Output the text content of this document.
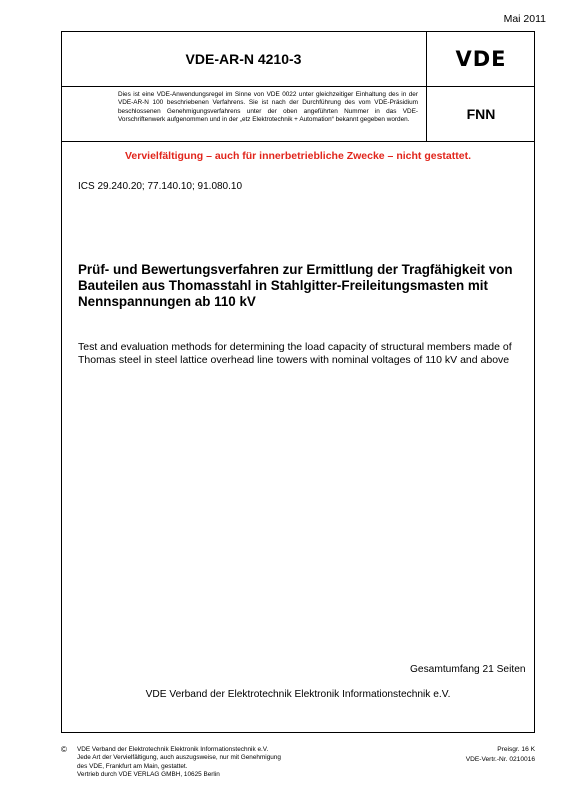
Mai 2011
VDE-AR-N 4210-3
Dies ist eine VDE-Anwendungsregel im Sinne von VDE 0022 unter gleichzeitiger Einhaltung des in der VDE-AR-N 100 beschriebenen Verfahrens. Sie ist nach der Durchführung des vom VDE-Präsidium beschlossenen Genehmigungsverfahrens unter der oben angeführten Nummer in das VDE-Vorschriftenwerk aufgenommen und in der „etz Elektrotechnik + Automation“ bekannt gegeben worden.
VDE
FNN
Vervielfältigung – auch für innerbetriebliche Zwecke – nicht gestattet.
ICS 29.240.20; 77.140.10; 91.080.10
Prüf- und Bewertungsverfahren zur Ermittlung der Tragfähigkeit von Bauteilen aus Thomasstahl in Stahlgitter-Freileitungsmasten mit Nennspannungen ab 110 kV
Test and evaluation methods for determining the load capacity of structural members made of Thomas steel in steel lattice overhead line towers with nominal voltages of 110 kV and above
Gesamtumfang 21 Seiten
VDE Verband der Elektrotechnik Elektronik Informationstechnik e.V.
© VDE Verband der Elektrotechnik Elektronik Informationstechnik e.V.
Jede Art der Vervielfältigung, auch auszugsweise, nur mit Genehmigung
des VDE, Frankfurt am Main, gestattet.
Vertrieb durch VDE VERLAG GMBH, 10625 Berlin
Preisgr. 16 K
VDE-Vertr.-Nr. 0210016
